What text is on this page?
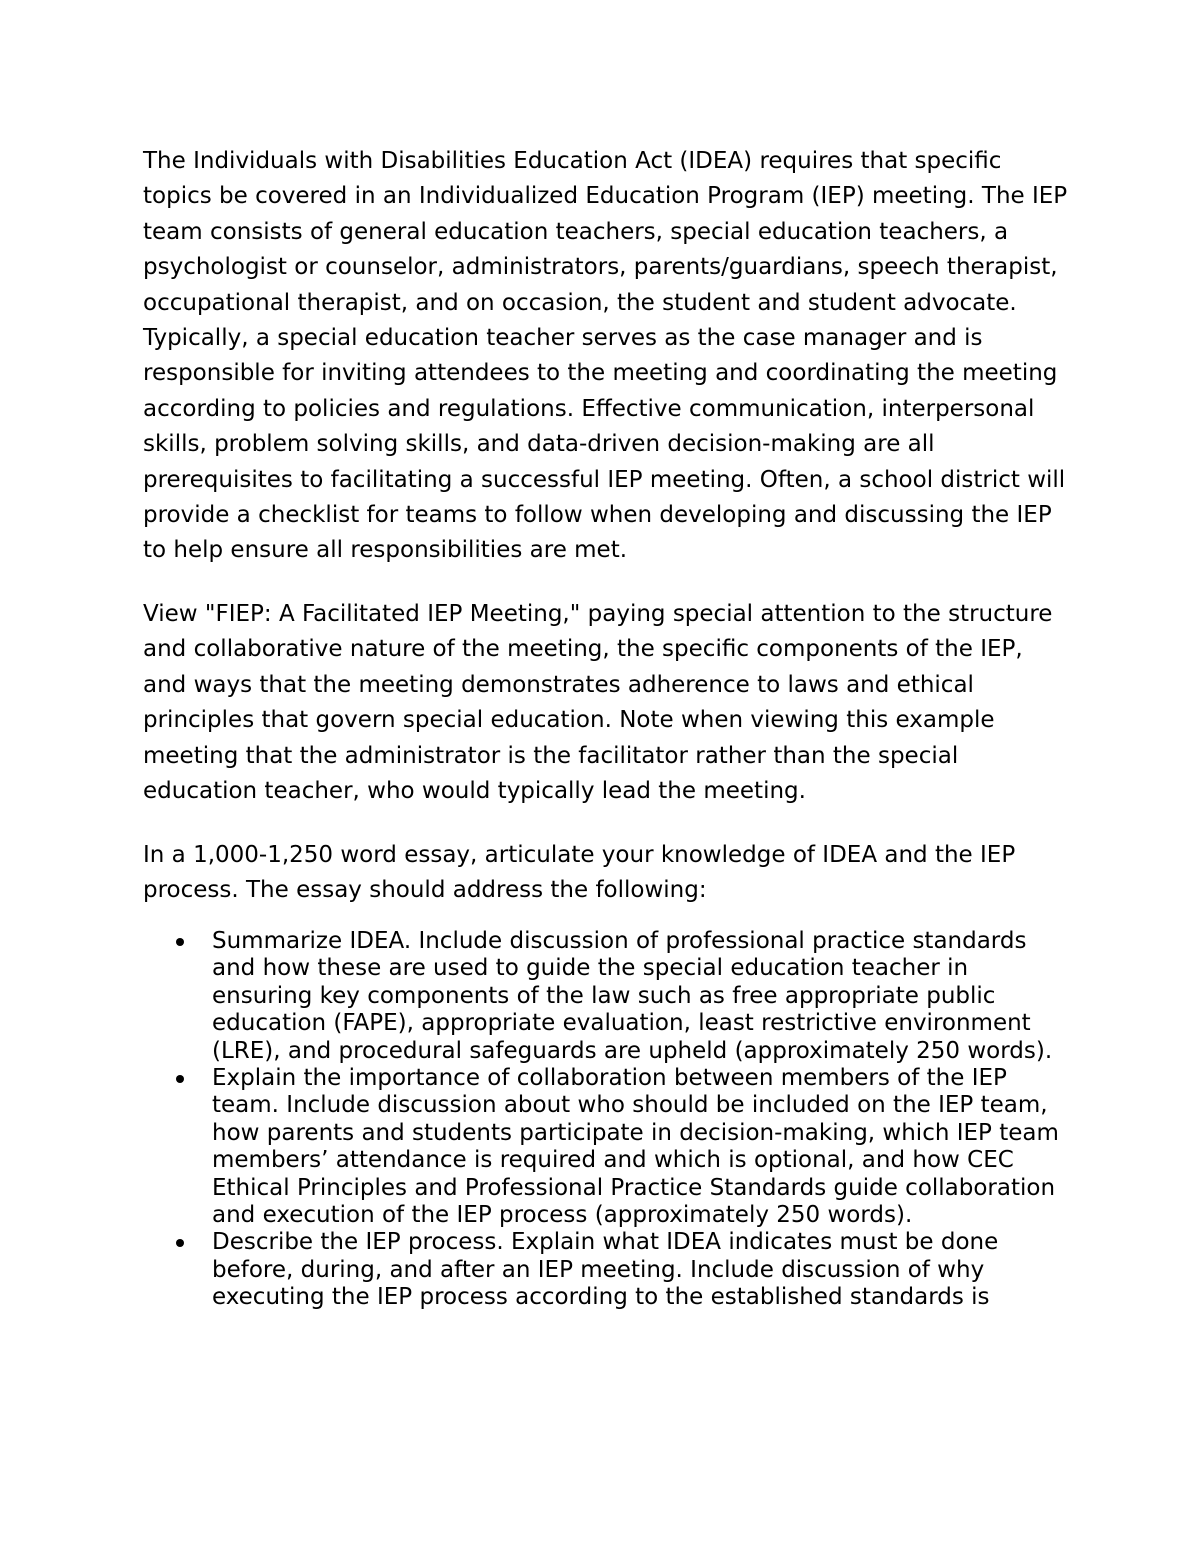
The Individuals with Disabilities Education Act (IDEA) requires that specific topics be covered in an Individualized Education Program (IEP) meeting. The IEP team consists of general education teachers, special education teachers, a psychologist or counselor, administrators, parents/guardians, speech therapist, occupational therapist, and on occasion, the student and student advocate. Typically, a special education teacher serves as the case manager and is responsible for inviting attendees to the meeting and coordinating the meeting according to policies and regulations. Effective communication, interpersonal skills, problem solving skills, and data-driven decision-making are all prerequisites to facilitating a successful IEP meeting. Often, a school district will provide a checklist for teams to follow when developing and discussing the IEP to help ensure all responsibilities are met.

View "FIEP: A Facilitated IEP Meeting," paying special attention to the structure and collaborative nature of the meeting, the specific components of the IEP, and ways that the meeting demonstrates adherence to laws and ethical principles that govern special education. Note when viewing this example meeting that the administrator is the facilitator rather than the special education teacher, who would typically lead the meeting.

In a 1,000-1,250 word essay, articulate your knowledge of IDEA and the IEP process. The essay should address the following:

Summarize IDEA. Include discussion of professional practice standards and how these are used to guide the special education teacher in ensuring key components of the law such as free appropriate public education (FAPE), appropriate evaluation, least restrictive environment (LRE), and procedural safeguards are upheld (approximately 250 words).
Explain the importance of collaboration between members of the IEP team. Include discussion about who should be included on the IEP team, how parents and students participate in decision-making, which IEP team members’ attendance is required and which is optional, and how CEC Ethical Principles and Professional Practice Standards guide collaboration and execution of the IEP process (approximately 250 words).
Describe the IEP process. Explain what IDEA indicates must be done before, during, and after an IEP meeting. Include discussion of why executing the IEP process according to the established standards is
